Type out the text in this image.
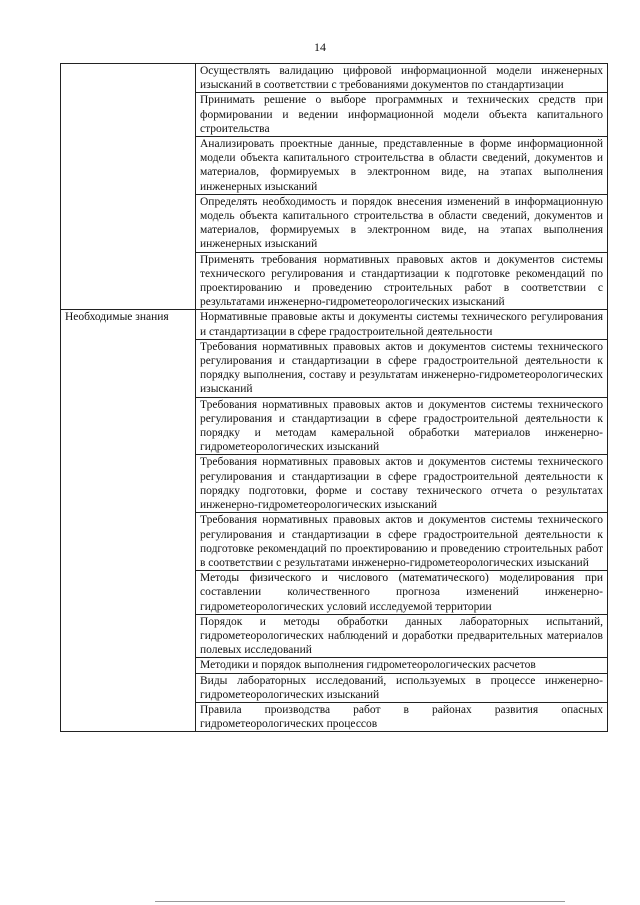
14
	Осуществлять валидацию цифровой информационной модели инженерных изысканий в соответствии с требованиями документов по стандартизации
	Принимать решение о выборе программных и технических средств при формировании и ведении информационной модели объекта капитального строительства
	Анализировать проектные данные, представленные в форме информационной модели объекта капитального строительства в области сведений, документов и материалов, формируемых в электронном виде, на этапах выполнения инженерных изысканий
	Определять необходимость и порядок внесения изменений в информационную модель объекта капитального строительства в области сведений, документов и материалов, формируемых в электронном виде, на этапах выполнения инженерных изысканий
	Применять требования нормативных правовых актов и документов системы технического регулирования и стандартизации к подготовке рекомендаций по проектированию и проведению строительных работ в соответствии с результатами инженерно-гидрометеорологических изысканий
Необходимые знания	Нормативные правовые акты и документы системы технического регулирования и стандартизации в сфере градостроительной деятельности
	Требования нормативных правовых актов и документов системы технического регулирования и стандартизации в сфере градостроительной деятельности к порядку выполнения, составу и результатам инженерно-гидрометеорологических изысканий
	Требования нормативных правовых актов и документов системы технического регулирования и стандартизации в сфере градостроительной деятельности к порядку и методам камеральной обработки материалов инженерно-гидрометеорологических изысканий
	Требования нормативных правовых актов и документов системы технического регулирования и стандартизации в сфере градостроительной деятельности к порядку подготовки, форме и составу технического отчета о результатах инженерно-гидрометеорологических изысканий
	Требования нормативных правовых актов и документов системы технического регулирования и стандартизации в сфере градостроительной деятельности к подготовке рекомендаций по проектированию и проведению строительных работ в соответствии с результатами инженерно-гидрометеорологических изысканий
	Методы физического и числового (математического) моделирования при составлении количественного прогноза изменений инженерно-гидрометеорологических условий исследуемой территории
	Порядок и методы обработки данных лабораторных испытаний, гидрометеорологических наблюдений и доработки предварительных материалов полевых исследований
	Методики и порядок выполнения гидрометеорологических расчетов
	Виды лабораторных исследований, используемых в процессе инженерно-гидрометеорологических изысканий
	Правила производства работ в районах развития опасных гидрометеорологических процессов
